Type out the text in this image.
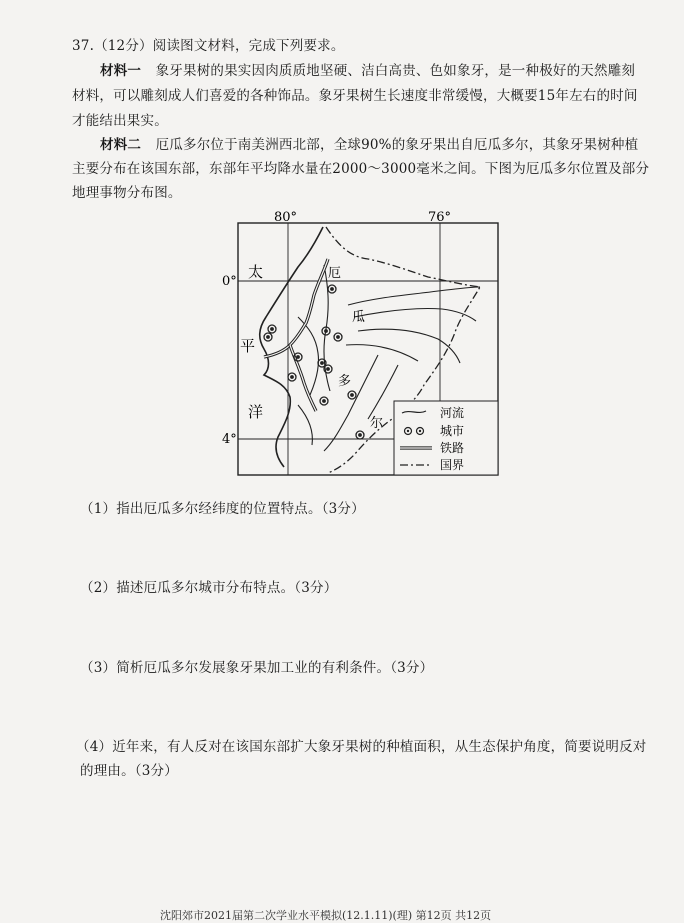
37.（12分）阅读图文材料，完成下列要求。
材料一 象牙果树的果实因肉质质地坚硬、洁白高贵、色如象牙，是一种极好的天然雕刻
材料，可以雕刻成人们喜爱的各种饰品。象牙果树生长速度非常缓慢，大概要15年左右的时间
才能结出果实。
材料二 厄瓜多尔位于南美洲西北部，全球90%的象牙果出自厄瓜多尔，其象牙果树种植
主要分布在该国东部，东部年平均降水量在2000～3000毫米之间。下图为厄瓜多尔位置及部分
地理事物分布图。
80°	76°
0°
4°
太
平
洋
厄
瓜
多
尔
河流
城市
铁路
国界
（1）指出厄瓜多尔经纬度的位置特点。（3分）
（2）描述厄瓜多尔城市分布特点。（3分）
（3）简析厄瓜多尔发展象牙果加工业的有利条件。（3分）
（4）近年来，有人反对在该国东部扩大象牙果树的种植面积，从生态保护角度，简要说明反对
的理由。（3分）
沈阳郊市2021届第二次学业水平模拟(12.1.11)(理) 第12页 共12页
